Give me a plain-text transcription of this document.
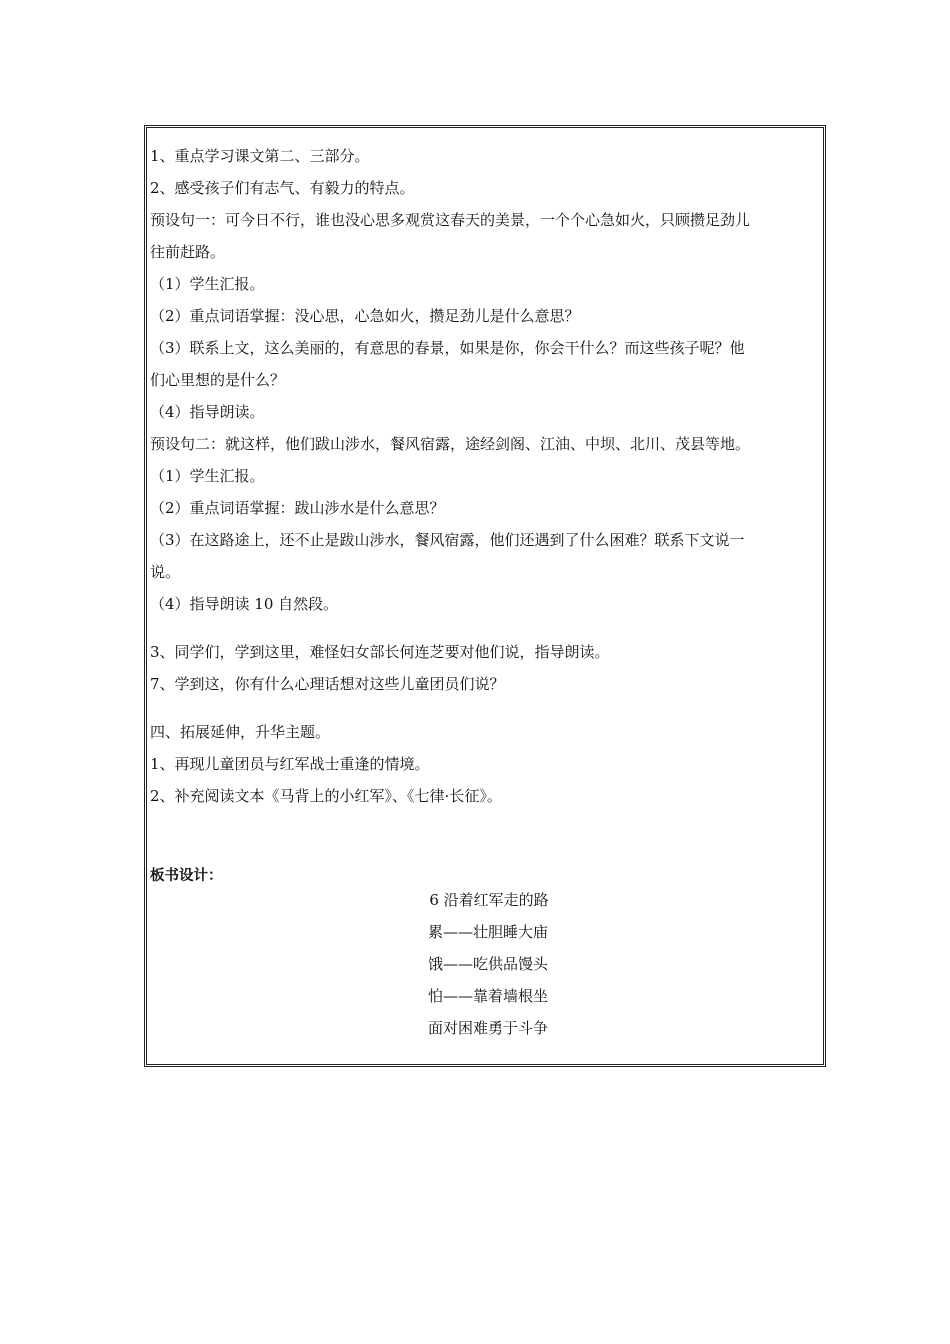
1、重点学习课文第二、三部分。
2、感受孩子们有志气、有毅力的特点。
预设句一：可今日不行，谁也没心思多观赏这春天的美景，一个个心急如火，只顾攒足劲儿
往前赶路。
（1）学生汇报。
（2）重点词语掌握：没心思，心急如火，攒足劲儿是什么意思？
（3）联系上文，这么美丽的，有意思的春景，如果是你，你会干什么？而这些孩子呢？他
们心里想的是什么？
（4）指导朗读。
预设句二：就这样，他们跋山涉水，餐风宿露，途经剑阁、江油、中坝、北川、茂县等地。
（1）学生汇报。
（2）重点词语掌握：跋山涉水是什么意思？
（3）在这路途上，还不止是跋山涉水，餐风宿露，他们还遇到了什么困难？联系下文说一
说。
（4）指导朗读 10 自然段。
3、同学们，学到这里，难怪妇女部长何连芝要对他们说，指导朗读。
7、学到这，你有什么心理话想对这些儿童团员们说？
四、拓展延伸，升华主题。
1、再现儿童团员与红军战士重逢的情境。
2、补充阅读文本《马背上的小红军》、《七律·长征》。
板书设计：
6 沿着红军走的路
累——壮胆睡大庙
饿——吃供品馒头
怕——靠着墙根坐
面对困难勇于斗争
